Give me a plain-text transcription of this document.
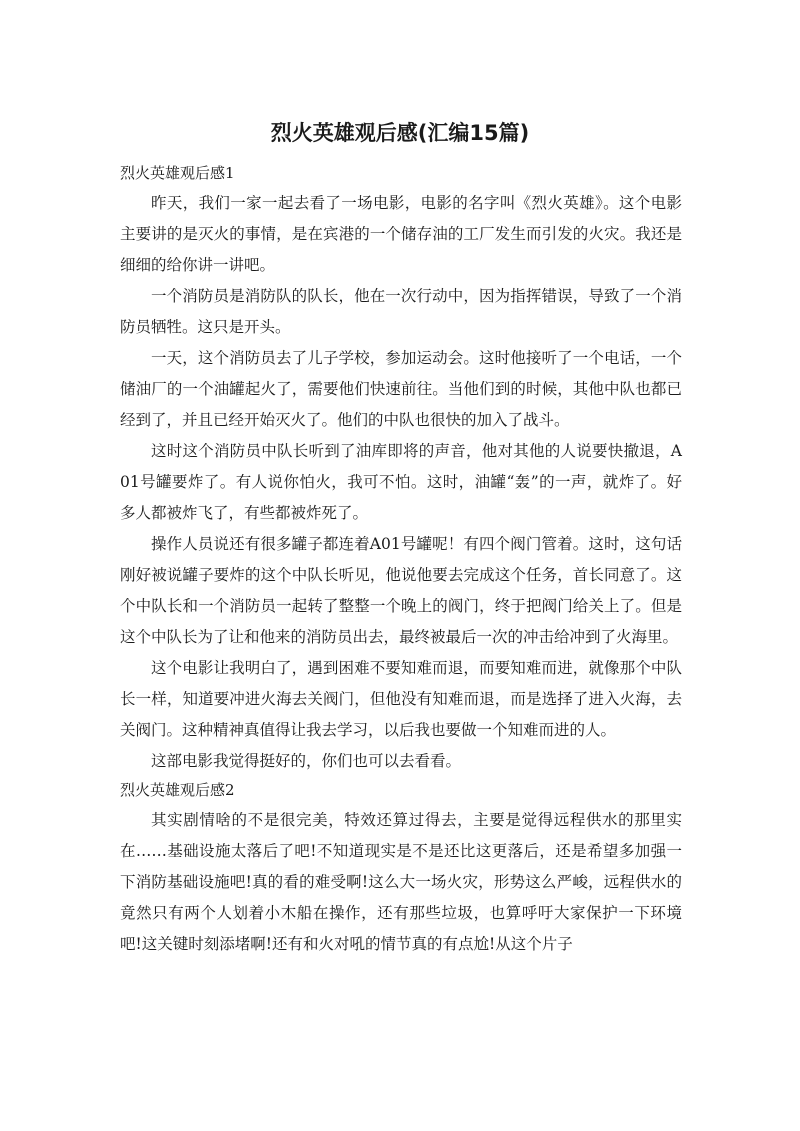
烈火英雄观后感(汇编15篇)
烈火英雄观后感1

昨天，我们一家一起去看了一场电影，电影的名字叫《烈火英雄》。这个电影主要讲的是灭火的事情，是在宾港的一个储存油的工厂发生而引发的火灾。我还是细细的给你讲一讲吧。

一个消防员是消防队的队长，他在一次行动中，因为指挥错误，导致了一个消防员牺牲。这只是开头。

一天，这个消防员去了儿子学校，参加运动会。这时他接听了一个电话，一个储油厂的一个油罐起火了，需要他们快速前往。当他们到的时候，其他中队也都已经到了，并且已经开始灭火了。他们的中队也很快的加入了战斗。

这时这个消防员中队长听到了油库即将的声音，他对其他的人说要快撤退，A01号罐要炸了。有人说你怕火，我可不怕。这时，油罐“轰”的一声，就炸了。好多人都被炸飞了，有些都被炸死了。

操作人员说还有很多罐子都连着A01号罐呢！有四个阀门管着。这时，这句话刚好被说罐子要炸的这个中队长听见，他说他要去完成这个任务，首长同意了。这个中队长和一个消防员一起转了整整一个晚上的阀门，终于把阀门给关上了。但是这个中队长为了让和他来的消防员出去，最终被最后一次的冲击给冲到了火海里。

这个电影让我明白了，遇到困难不要知难而退，而要知难而进，就像那个中队长一样，知道要冲进火海去关阀门，但他没有知难而退，而是选择了进入火海，去关阀门。这种精神真值得让我去学习，以后我也要做一个知难而进的人。

这部电影我觉得挺好的，你们也可以去看看。

烈火英雄观后感2

其实剧情啥的不是很完美，特效还算过得去，主要是觉得远程供水的那里实在……基础设施太落后了吧!不知道现实是不是还比这更落后，还是希望多加强一下消防基础设施吧!真的看的难受啊!这么大一场火灾，形势这么严峻，远程供水的竟然只有两个人划着小木船在操作，还有那些垃圾，也算呼吁大家保护一下环境吧!这关键时刻添堵啊!还有和火对吼的情节真的有点尬!从这个片子
